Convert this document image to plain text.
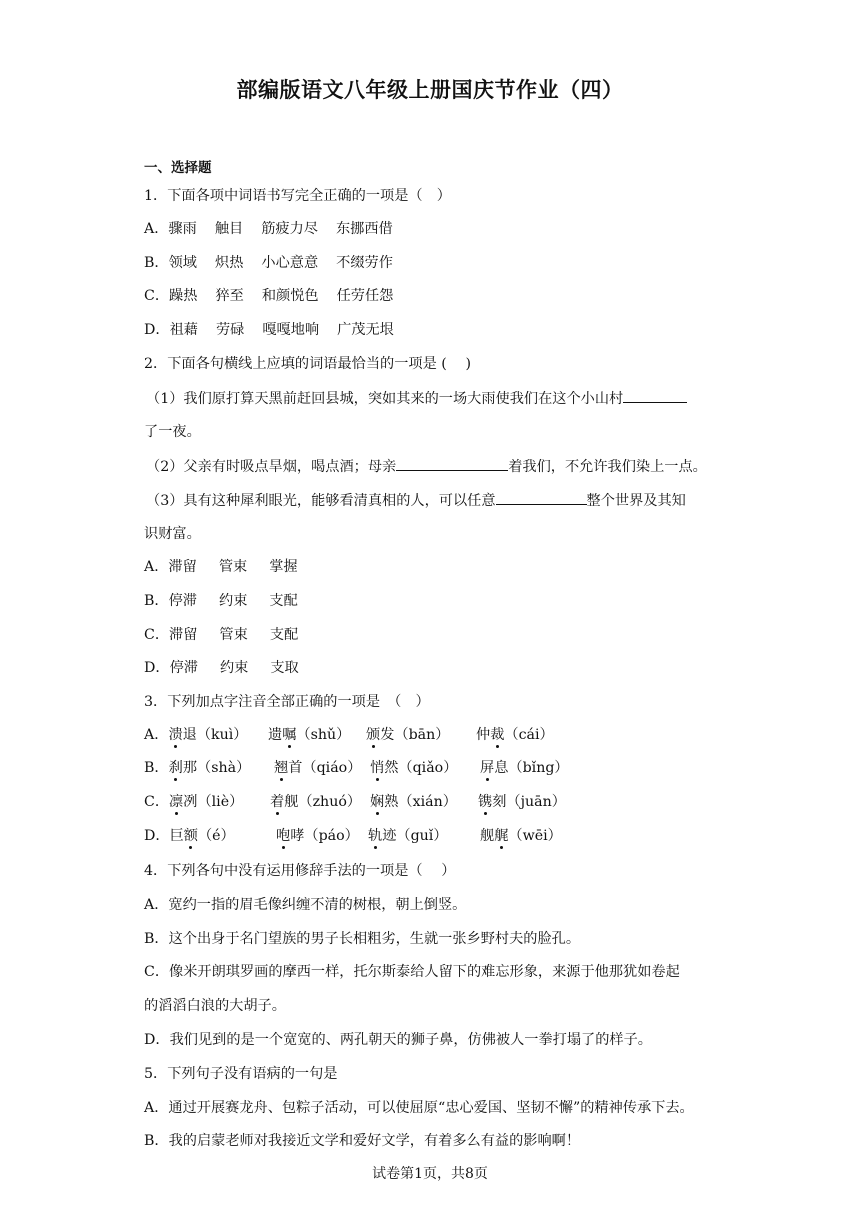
部编版语文八年级上册国庆节作业（四）
一、选择题
1．下面各项中词语书写完全正确的一项是（　）
A．骤雨 触目 筋疲力尽 东挪西借
B．领域 炽热 小心意意 不缀劳作
C．躁热 猝至 和颜悦色 任劳任怨
D．祖藉 劳碌 嘎嘎地响 广茂无垠
2．下面各句横线上应填的词语最恰当的一项是 (　 )
（1）我们原打算天黑前赶回县城，突如其来的一场大雨使我们在这个小山村
了一夜。
（2）父亲有时吸点旱烟，喝点酒；母亲	着我们，不允许我们染上一点。
（3）具有这种犀利眼光，能够看清真相的人，可以任意	整个世界及其知
识财富。
A．滞留 管束 掌握
B．停滞 约束 支配
C．滞留 管束 支配
D．停滞 约束 支取
3．下列加点字注音全部正确的一项是　（　）
A．溃退（kuì） 遗嘱（shǔ） 颁发（bān） 仲裁（cái）
B．刹那（shà） 翘首（qiáo） 悄然（qiǎo） 屏息（bǐng）
C．凛冽（liè） 着舰（zhuó） 娴熟（xián） 镌刻（juān）
D．巨额（é）	咆哮（páo） 轨迹（guǐ） 舰艉（wēi）
4．下列各句中没有运用修辞手法的一项是（　 ）
A．宽约一指的眉毛像纠缠不清的树根，朝上倒竖。
B．这个出身于名门望族的男子长相粗劣，生就一张乡野村夫的脸孔。
C．像米开朗琪罗画的摩西一样，托尔斯泰给人留下的难忘形象，来源于他那犹如卷起
的滔滔白浪的大胡子。
D．我们见到的是一个宽宽的、两孔朝天的狮子鼻，仿佛被人一拳打塌了的样子。
5．下列句子没有语病的一句是
A．通过开展赛龙舟、包粽子活动，可以使屈原“忠心爱国、坚韧不懈”的精神传承下去。
B．我的启蒙老师对我接近文学和爱好文学，有着多么有益的影响啊！
试卷第1页，共8页
